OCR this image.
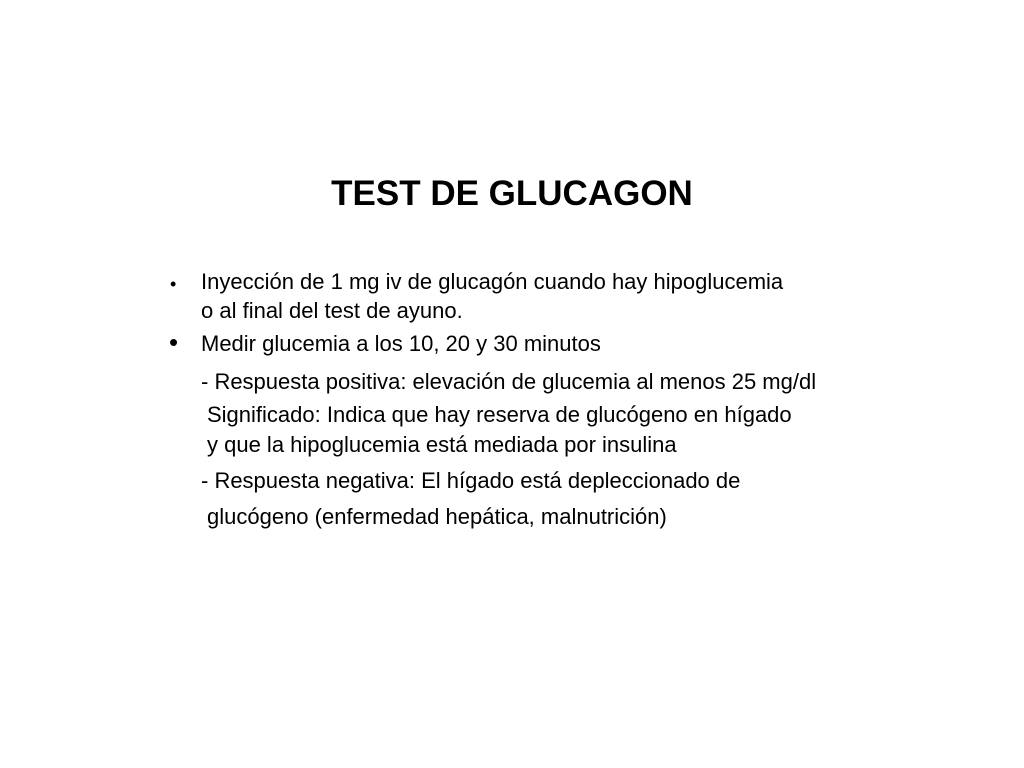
TEST DE GLUCAGON
• Inyección de 1 mg iv de glucagón cuando hay hipoglucemia
o al final del test de ayuno.
• Medir glucemia a los 10, 20 y 30 minutos
- Respuesta positiva: elevación de glucemia al menos 25 mg/dl
Significado: Indica que hay reserva de glucógeno en hígado
y que la hipoglucemia está mediada por insulina
- Respuesta negativa: El hígado está depleccionado de
glucógeno (enfermedad hepática, malnutrición)
